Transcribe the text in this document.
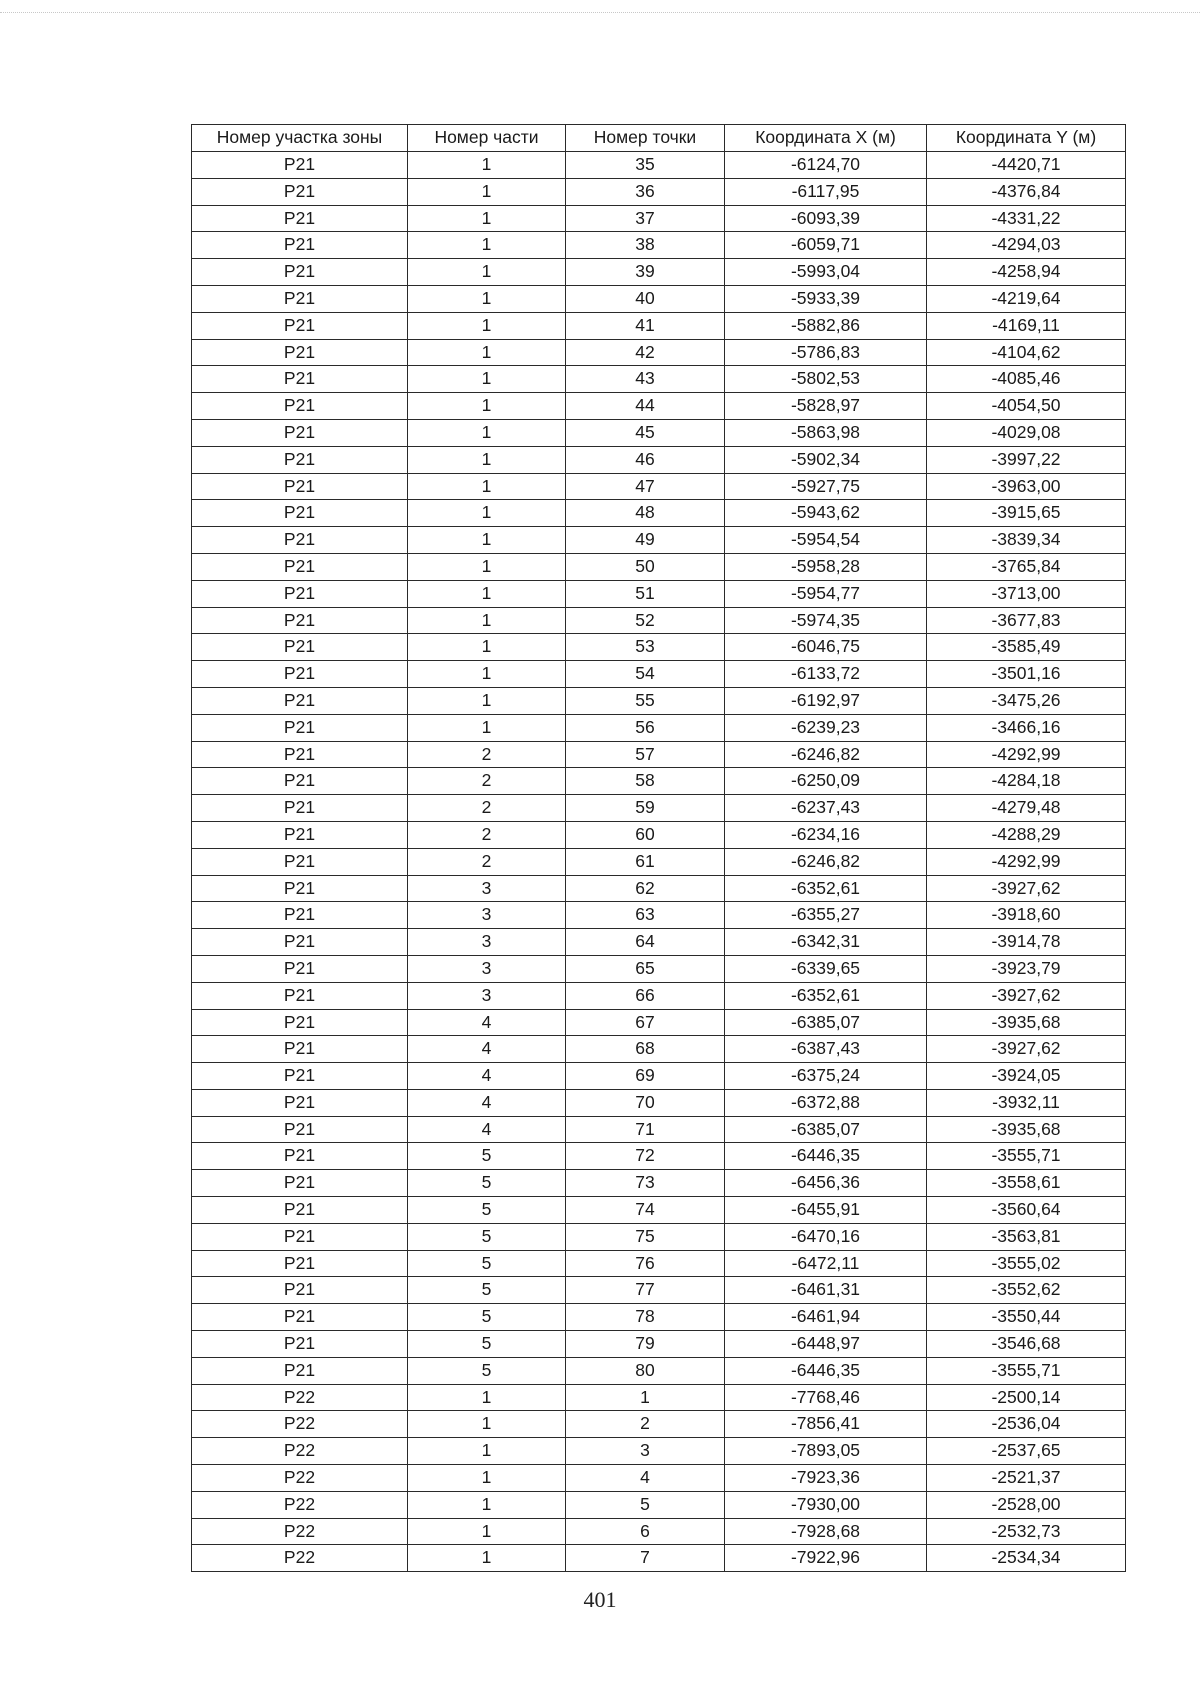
Номер участка зоны	Номер части	Номер точки	Координата X (м)	Координата Y (м)
P21	1	35	-6124,70	-4420,71
P21	1	36	-6117,95	-4376,84
P21	1	37	-6093,39	-4331,22
P21	1	38	-6059,71	-4294,03
P21	1	39	-5993,04	-4258,94
P21	1	40	-5933,39	-4219,64
P21	1	41	-5882,86	-4169,11
P21	1	42	-5786,83	-4104,62
P21	1	43	-5802,53	-4085,46
P21	1	44	-5828,97	-4054,50
P21	1	45	-5863,98	-4029,08
P21	1	46	-5902,34	-3997,22
P21	1	47	-5927,75	-3963,00
P21	1	48	-5943,62	-3915,65
P21	1	49	-5954,54	-3839,34
P21	1	50	-5958,28	-3765,84
P21	1	51	-5954,77	-3713,00
P21	1	52	-5974,35	-3677,83
P21	1	53	-6046,75	-3585,49
P21	1	54	-6133,72	-3501,16
P21	1	55	-6192,97	-3475,26
P21	1	56	-6239,23	-3466,16
P21	2	57	-6246,82	-4292,99
P21	2	58	-6250,09	-4284,18
P21	2	59	-6237,43	-4279,48
P21	2	60	-6234,16	-4288,29
P21	2	61	-6246,82	-4292,99
P21	3	62	-6352,61	-3927,62
P21	3	63	-6355,27	-3918,60
P21	3	64	-6342,31	-3914,78
P21	3	65	-6339,65	-3923,79
P21	3	66	-6352,61	-3927,62
P21	4	67	-6385,07	-3935,68
P21	4	68	-6387,43	-3927,62
P21	4	69	-6375,24	-3924,05
P21	4	70	-6372,88	-3932,11
P21	4	71	-6385,07	-3935,68
P21	5	72	-6446,35	-3555,71
P21	5	73	-6456,36	-3558,61
P21	5	74	-6455,91	-3560,64
P21	5	75	-6470,16	-3563,81
P21	5	76	-6472,11	-3555,02
P21	5	77	-6461,31	-3552,62
P21	5	78	-6461,94	-3550,44
P21	5	79	-6448,97	-3546,68
P21	5	80	-6446,35	-3555,71
P22	1	1	-7768,46	-2500,14
P22	1	2	-7856,41	-2536,04
P22	1	3	-7893,05	-2537,65
P22	1	4	-7923,36	-2521,37
P22	1	5	-7930,00	-2528,00
P22	1	6	-7928,68	-2532,73
P22	1	7	-7922,96	-2534,34
401
